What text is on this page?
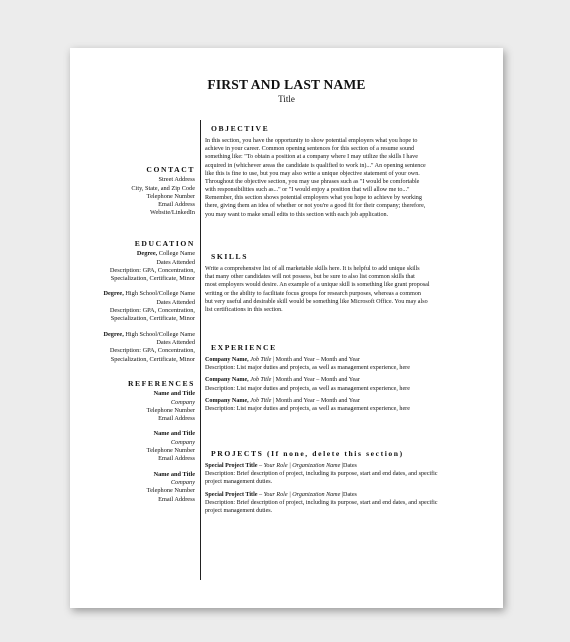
FIRST AND LAST NAME
Title
CONTACT
Street Address
City, State, and Zip Code
Telephone Number
Email Address
Website/LinkedIn
EDUCATION
Degree, College Name
Dates Attended
Description: GPA, Concentration,
Specialization, Certificate, Minor
Degree, High School/College Name
Dates Attended
Description: GPA, Concentration,
Specialization, Certificate, Minor
Degree, High School/College Name
Dates Attended
Description: GPA, Concentration,
Specialization, Certificate, Minor
REFERENCES
Name and Title
Company
Telephone Number
Email Address
Name and Title
Company
Telephone Number
Email Address
Name and Title
Company
Telephone Number
Email Address
OBJECTIVE
In this section, you have the opportunity to show potential employers what you hope to
achieve in your career. Common opening sentences for this section of a resume sound
something like: "To obtain a position at a company where I may utilize the skills I have
acquired in (whichever areas the candidate is qualified to work in)..." An opening sentence
like this is fine to use, but you may also write a unique objective statement of your own.
Throughout the objective section, you may use phrases such as "I would be comfortable
with responsibilities such as..." or "I would enjoy a position that will allow me to..."
Remember, this section shows potential employers what you hope to achieve by working
there, giving them an idea of whether or not you're a good fit for their company; therefore,
you may want to make small edits to this section with each job application.
SKILLS
Write a comprehensive list of all marketable skills here. It is helpful to add unique skills
that many other candidates will not possess, but be sure to also list common skills that
most employers would desire. An example of a unique skill is something like grant proposal
writing or the ability to facilitate focus groups for research purposes, whereas a common
but very useful and desirable skill would be something like Microsoft Office. You may also
list certifications in this section.
EXPERIENCE
Company Name, Job Title | Month and Year – Month and Year
Description: List major duties and projects, as well as management experience, here
Company Name, Job Title | Month and Year – Month and Year
Description: List major duties and projects, as well as management experience, here
Company Name, Job Title | Month and Year – Month and Year
Description: List major duties and projects, as well as management experience, here
PROJECTS (If none, delete this section)
Special Project Title – Your Role | Organization Name |Dates
Description: Brief description of project, including its purpose, start and end dates, and specific
project management duties.
Special Project Title – Your Role | Organization Name |Dates
Description: Brief description of project, including its purpose, start and end dates, and specific
project management duties.
